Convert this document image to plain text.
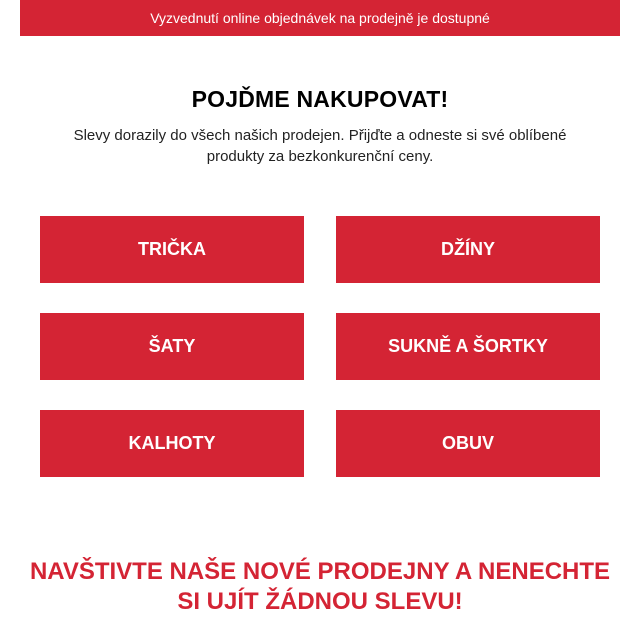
Vyzvednutí online objednávek na prodejně je dostupné
POJĎME NAKUPOVAT!
Slevy dorazily do všech našich prodejen. Přijďte a odneste si své oblíbené produkty za bezkonkurenční ceny.
TRIČKA	DŽÍNY
ŠATY	SUKNĚ A ŠORTKY
KALHOTY	OBUV
NAVŠTIVTE NAŠE NOVÉ PRODEJNY A NENECHTE SI UJÍT ŽÁDNOU SLEVU!
